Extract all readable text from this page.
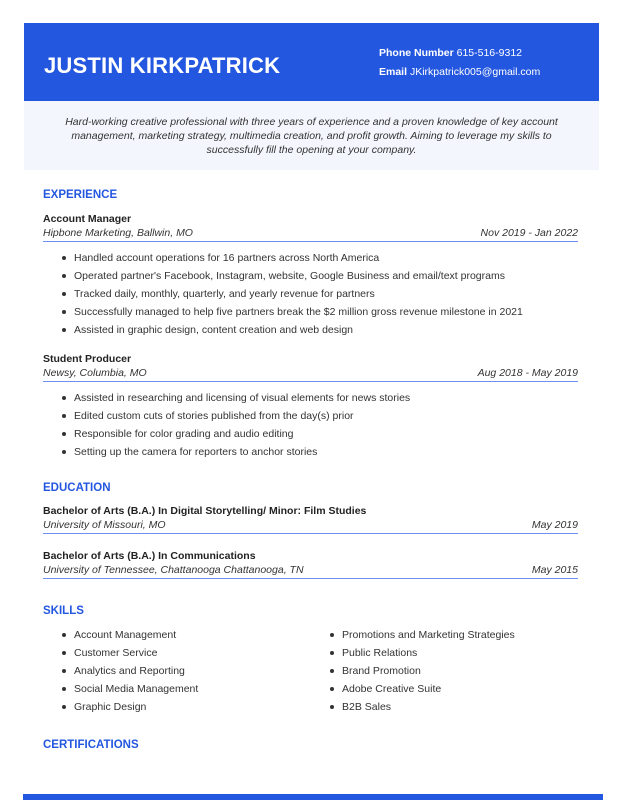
JUSTIN KIRKPATRICK	Phone Number 615-516-9312
Email JKirkpatrick005@gmail.com
Hard-working creative professional with three years of experience and a proven knowledge of key account management, marketing strategy, multimedia creation, and profit growth. Aiming to leverage my skills to successfully fill the opening at your company.
EXPERIENCE
Account Manager
Hipbone Marketing, Ballwin, MO	Nov 2019 - Jan 2022
Handled account operations for 16 partners across North America
Operated partner's Facebook, Instagram, website, Google Business and email/text programs
Tracked daily, monthly, quarterly, and yearly revenue for partners
Successfully managed to help five partners break the $2 million gross revenue milestone in 2021
Assisted in graphic design, content creation and web design
Student Producer
Newsy, Columbia, MO	Aug 2018 - May 2019
Assisted in researching and licensing of visual elements for news stories
Edited custom cuts of stories published from the day(s) prior
Responsible for color grading and audio editing
Setting up the camera for reporters to anchor stories
EDUCATION
Bachelor of Arts (B.A.) In Digital Storytelling/ Minor: Film Studies
University of Missouri, MO	May 2019
Bachelor of Arts (B.A.) In Communications
University of Tennessee, Chattanooga Chattanooga, TN	May 2015
SKILLS
Account Management
Customer Service
Analytics and Reporting
Social Media Management
Graphic Design
Promotions and Marketing Strategies
Public Relations
Brand Promotion
Adobe Creative Suite
B2B Sales
CERTIFICATIONS
